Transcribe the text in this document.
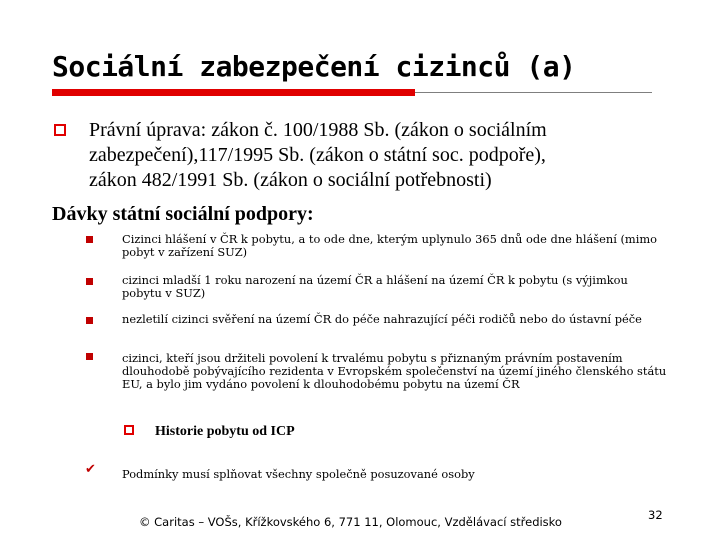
Sociální zabezpečení cizinců (a)
Právní úprava: zákon č. 100/1988 Sb. (zákon o sociálním
zabezpečení),117/1995 Sb. (zákon o státní soc. podpoře),
zákon 482/1991 Sb. (zákon o sociální potřebnosti)
Dávky státní sociální podpory:
Cizinci hlášení v ČR k pobytu, a to ode dne, kterým uplynulo 365 dnů ode dne hlášení (mimo pobyt v zařízení SUZ)
cizinci mladší 1 roku narození na území ČR a hlášení na území ČR k pobytu (s výjimkou pobytu v SUZ)
nezletilí cizinci svěření na území ČR do péče nahrazující péči rodičů nebo do ústavní péče
cizinci, kteří jsou držiteli povolení k trvalému pobytu s přiznaným právním postavením dlouhodobě pobývajícího rezidenta v Evropském společenství na území jiného členského státu EU, a bylo jim vydáno povolení k dlouhodobému pobytu na území ČR
Historie pobytu od ICP
✔ Podmínky musí splňovat všechny společně posuzované osoby
© Caritas – VOŠs, Křížkovského 6, 771 11, Olomouc, Vzdělávací středisko	32
